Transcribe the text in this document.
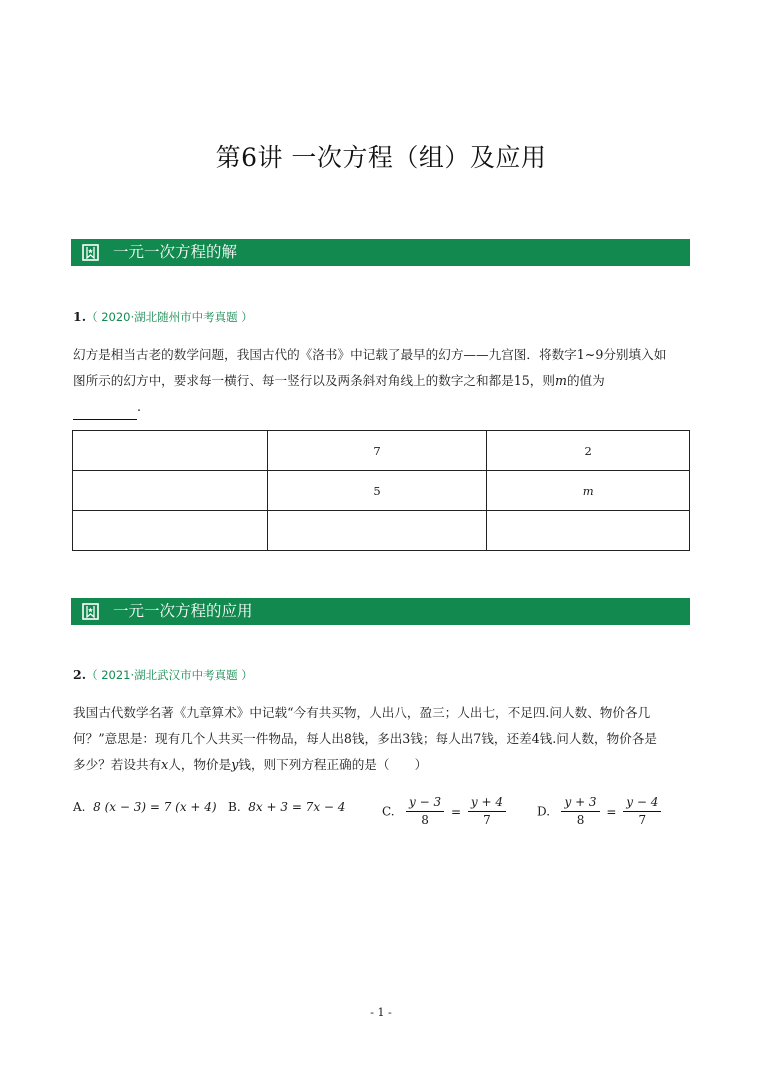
第6讲 一次方程（组）及应用
一元一次方程的解
1.（ 2020·湖北随州市中考真题 ）
幻方是相当古老的数学问题，我国古代的《洛书》中记载了最早的幻方——九宫图．将数字1~9分别填入如
图所示的幻方中，要求每一横行、每一竖行以及两条斜对角线上的数字之和都是15，则m的值为
.
	7	2
	5	m

一元一次方程的应用
2.（ 2021·湖北武汉市中考真题 ）
我国古代数学名著《九章算术》中记载“今有共买物，人出八，盈三；人出七，不足四.问人数、物价各几
何？”意思是：现有几个人共买一件物品，每人出8钱，多出3钱；每人出7钱，还差4钱.问人数，物价各是
多少？若设共有x人，物价是y钱，则下列方程正确的是（　　）
A. 8 (x − 3) = 7 (x + 4) B. 8x + 3 = 7x − 4	C. $\frac{y - 3}{8} = \frac{y + 4}{7}$	D. $\frac{y + 3}{8} = \frac{y - 4}{7}$
- 1 -
